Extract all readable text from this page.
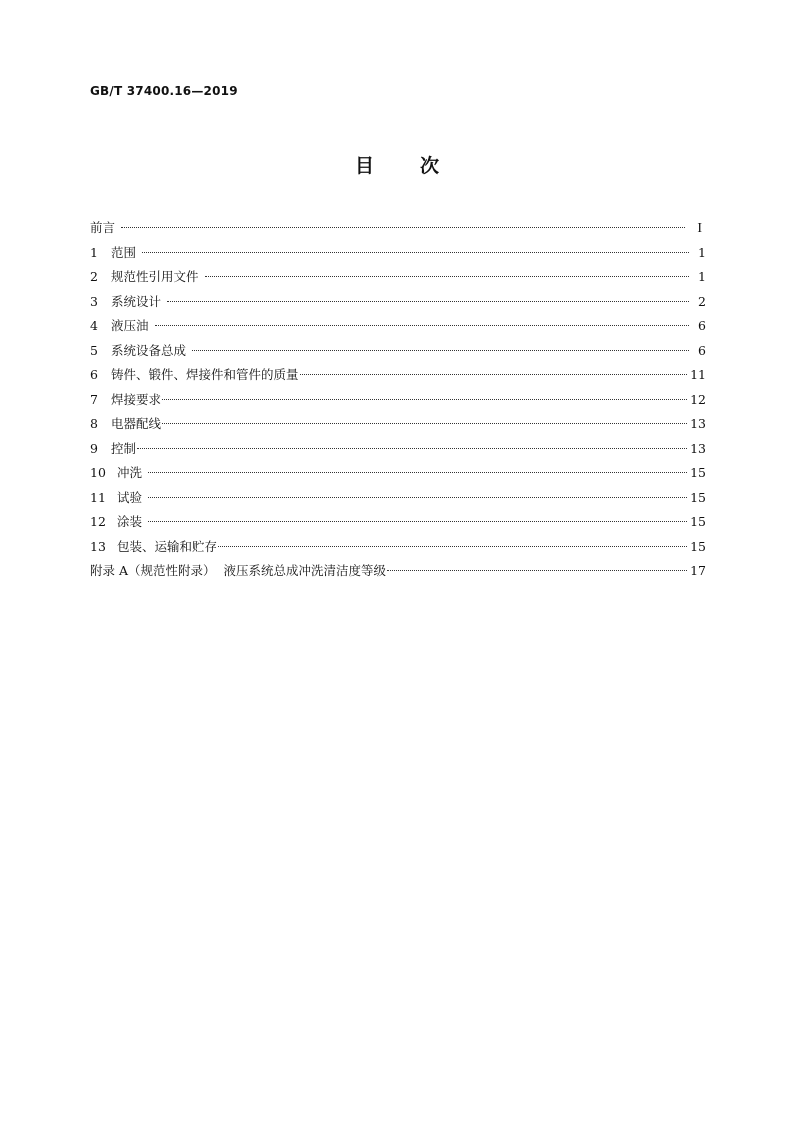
GB/T 37400.16—2019
目 次
前言	I
1	范围	1
2	规范性引用文件	1
3	系统设计	2
4	液压油	6
5	系统设备总成	6
6	铸件、锻件、焊接件和管件的质量	11
7	焊接要求	12
8	电器配线	13
9	控制	13
10 冲洗	15
11 试验	15
12 涂装	15
13 包装、运输和贮存	15
附录 A（规范性附录）  液压系统总成冲洗清洁度等级	17
